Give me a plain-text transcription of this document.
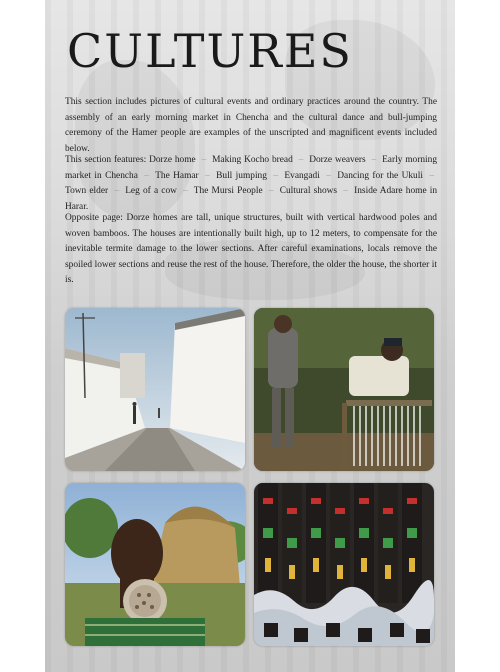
CULTURES

This section includes pictures of cultural events and ordinary practices around the country. The assembly of an early morning market in Chencha and the cultural dance and bull-jumping ceremony of the Hamer people are examples of the unscripted and magnificent events included below.

This section features: Dorze home – Making Kocho bread – Dorze weavers – Early morning market in Chencha – The Hamar – Bull jumping – Evangadi – Dancing for the Ukuli – Town elder – Leg of a cow – The Mursi People – Cultural shows – Inside Adare home in Harar.

Opposite page: Dorze homes are tall, unique structures, built with vertical hardwood poles and woven bamboos. The houses are intentionally built high, up to 12 meters, to compensate for the inevitable termite damage to the lower sections. After careful examinations, locals remove the spoiled lower sections and reuse the rest of the house. Therefore, the older the house, the shorter it is.
